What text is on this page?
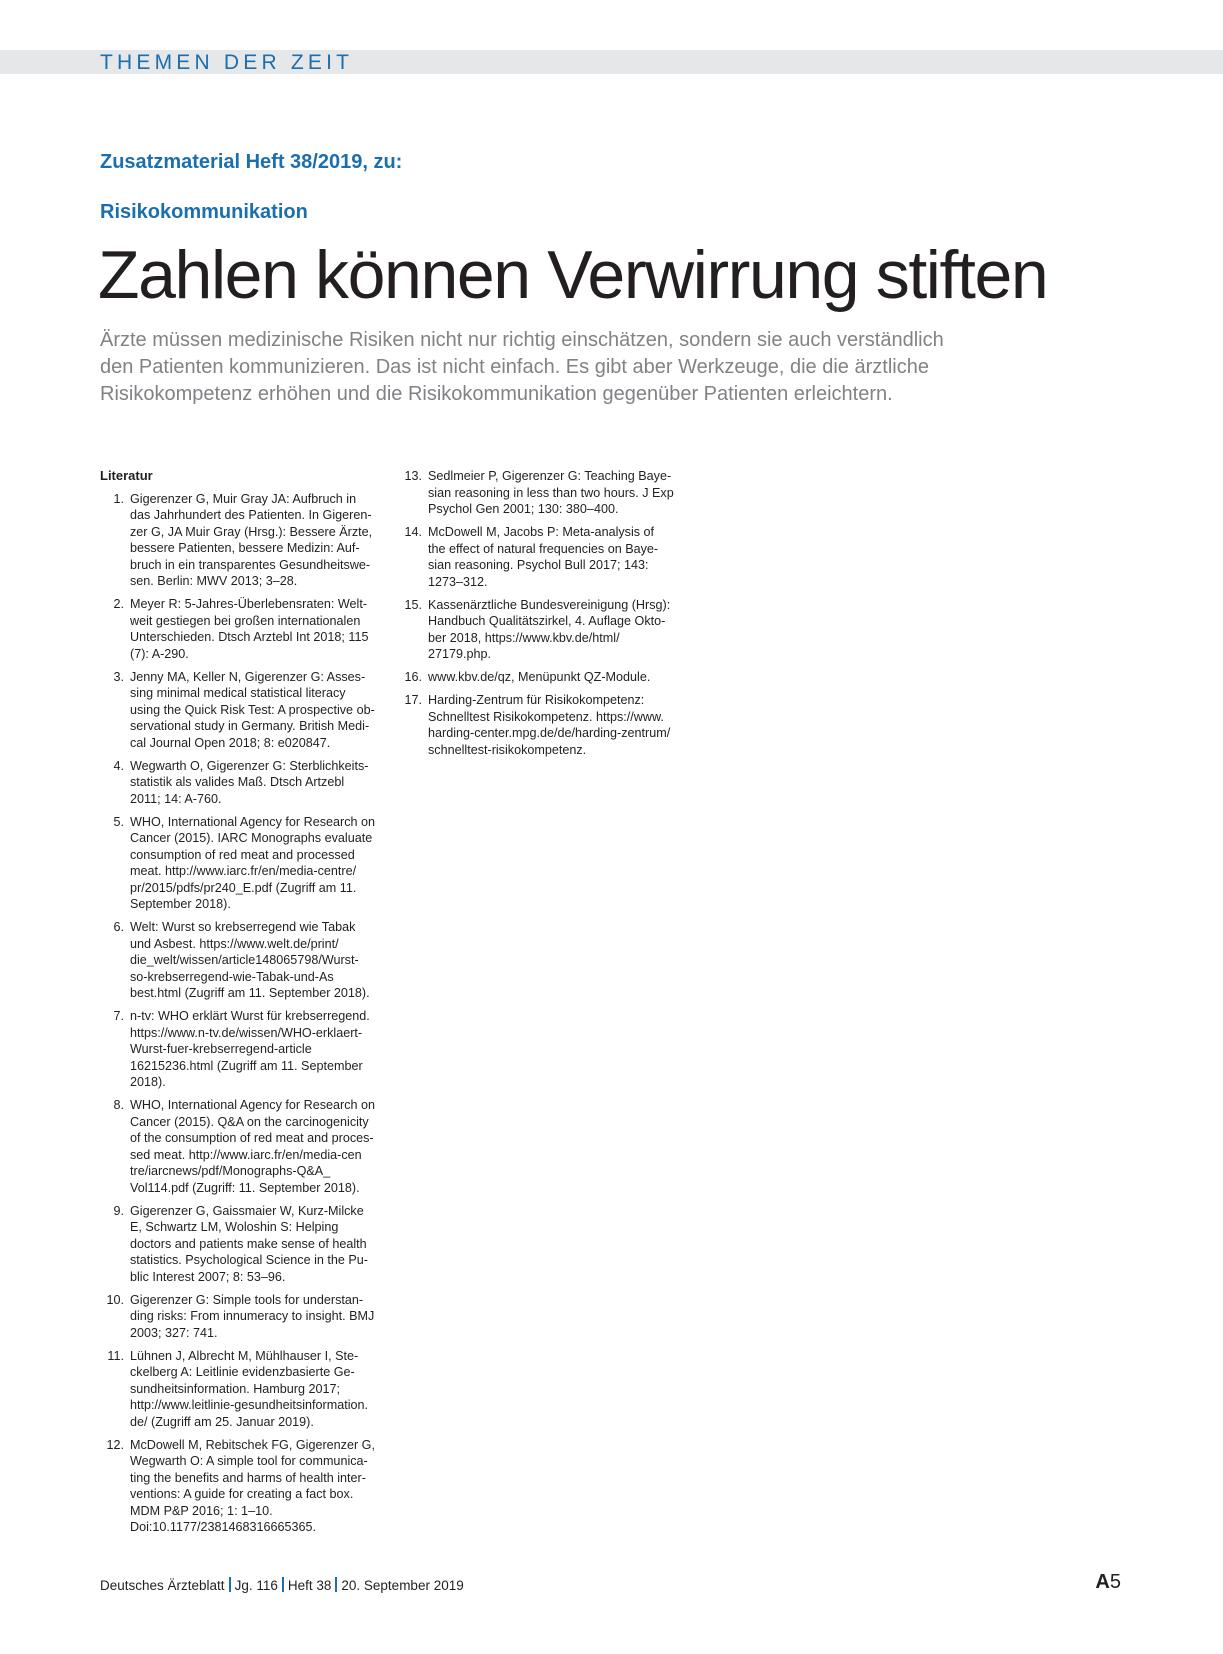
THEMEN DER ZEIT
Zusatzmaterial Heft 38/2019, zu:
Risikokommunikation
Zahlen können Verwirrung stiften
Ärzte müssen medizinische Risiken nicht nur richtig einschätzen, sondern sie auch verständlich
den Patienten kommunizieren. Das ist nicht einfach. Es gibt aber Werkzeuge, die die ärztliche
Risikokompetenz erhöhen und die Risikokommunikation gegenüber Patienten erleichtern.
Literatur
1. Gigerenzer G, Muir Gray JA: Aufbruch in
das Jahrhundert des Patienten. In Gigeren-
zer G, JA Muir Gray (Hrsg.): Bessere Ärzte,
bessere Patienten, bessere Medizin: Auf-
bruch in ein transparentes Gesundheitswe-
sen. Berlin: MWV 2013; 3–28.
2. Meyer R: 5-Jahres-Überlebensraten: Welt-
weit gestiegen bei großen internationalen
Unterschieden. Dtsch Arztebl Int 2018; 115
(7): A-290.
3. Jenny MA, Keller N, Gigerenzer G: Asses-
sing minimal medical statistical literacy
using the Quick Risk Test: A prospective ob-
servational study in Germany. British Medi-
cal Journal Open 2018; 8: e020847.
4. Wegwarth O, Gigerenzer G: Sterblichkeits-
statistik als valides Maß. Dtsch Artzebl
2011; 14: A-760.
5. WHO, International Agency for Research on
Cancer (2015). IARC Monographs evaluate
consumption of red meat and processed
meat. http://www.iarc.fr/en/media-centre/
pr/2015/pdfs/pr240_E.pdf (Zugriff am 11.
September 2018).
6. Welt: Wurst so krebserregend wie Tabak
und Asbest. https://www.welt.de/print/
die_welt/wissen/article148065798/Wurst-
so-krebserregend-wie-Tabak-und-As
best.html (Zugriff am 11. September 2018).
7. n-tv: WHO erklärt Wurst für krebserregend.
https://www.n-tv.de/wissen/WHO-erklaert-
Wurst-fuer-krebserregend-article
16215236.html (Zugriff am 11. September
2018).
8. WHO, International Agency for Research on
Cancer (2015). Q&A on the carcinogenicity
of the consumption of red meat and proces-
sed meat. http://www.iarc.fr/en/media-cen
tre/iarcnews/pdf/Monographs-Q&A_
Vol114.pdf (Zugriff: 11. September 2018).
9. Gigerenzer G, Gaissmaier W, Kurz-Milcke
E, Schwartz LM, Woloshin S: Helping
doctors and patients make sense of health
statistics. Psychological Science in the Pu-
blic Interest 2007; 8: 53–96.
10. Gigerenzer G: Simple tools for understan-
ding risks: From innumeracy to insight. BMJ
2003; 327: 741.
11. Lühnen J, Albrecht M, Mühlhauser I, Ste-
ckelberg A: Leitlinie evidenzbasierte Ge-
sundheitsinformation. Hamburg 2017;
http://www.leitlinie-gesundheitsinformation.
de/ (Zugriff am 25. Januar 2019).
12. McDowell M, Rebitschek FG, Gigerenzer G,
Wegwarth O: A simple tool for communica-
ting the benefits and harms of health inter-
ventions: A guide for creating a fact box.
MDM P&P 2016; 1: 1–10.
Doi:10.1177/2381468316665365.
13. Sedlmeier P, Gigerenzer G: Teaching Baye-
sian reasoning in less than two hours. J Exp
Psychol Gen 2001; 130: 380–400.
14. McDowell M, Jacobs P: Meta-analysis of
the effect of natural frequencies on Baye-
sian reasoning. Psychol Bull 2017; 143:
1273–312.
15. Kassenärztliche Bundesvereinigung (Hrsg):
Handbuch Qualitätszirkel, 4. Auflage Okto-
ber 2018, https://www.kbv.de/html/
27179.php.
16. www.kbv.de/qz, Menüpunkt QZ-Module.
17. Harding-Zentrum für Risikokompetenz:
Schnelltest Risikokompetenz. https://www.
harding-center.mpg.de/de/harding-zentrum/
schnelltest-risikokompetenz.
Deutsches Ärzteblatt Jg. 116 Heft 38 20. September 2019	A5
